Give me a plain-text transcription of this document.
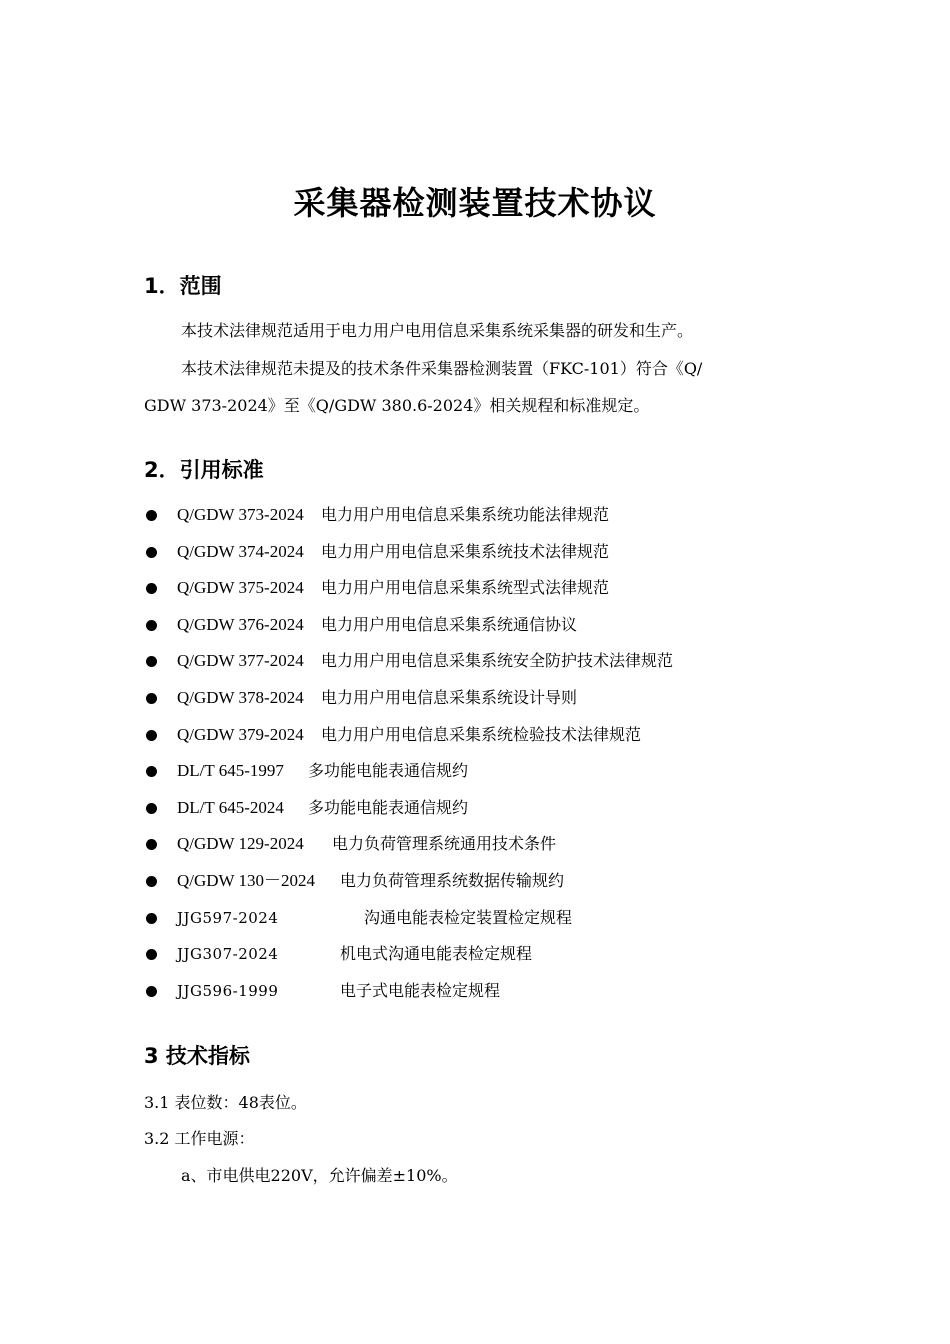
采集器检测装置技术协议
1．范围
本技术法律规范适用于电力用户电用信息采集系统采集器的研发和生产。
本技术法律规范未提及的技术条件采集器检测装置（FKC-101）符合《Q/
GDW 373-2024》至《Q/GDW 380.6-2024》相关规程和标准规定。
2．引用标准
Q/GDW 373-2024 电力用户用电信息采集系统功能法律规范
Q/GDW 374-2024 电力用户用电信息采集系统技术法律规范
Q/GDW 375-2024 电力用户用电信息采集系统型式法律规范
Q/GDW 376-2024 电力用户用电信息采集系统通信协议
Q/GDW 377-2024 电力用户用电信息采集系统安全防护技术法律规范
Q/GDW 378-2024 电力用户用电信息采集系统设计导则
Q/GDW 379-2024 电力用户用电信息采集系统检验技术法律规范
DL/T 645-1997 多功能电能表通信规约
DL/T 645-2024 多功能电能表通信规约
Q/GDW 129-2024 电力负荷管理系统通用技术条件
Q/GDW 130－2024 电力负荷管理系统数据传输规约
JJG597-2024	沟通电能表检定装置检定规程
JJG307-2024	机电式沟通电能表检定规程
JJG596-1999	电子式电能表检定规程
3 技术指标
3.1 表位数：48表位。
3.2 工作电源：
a、市电供电220V，允许偏差±10%。
